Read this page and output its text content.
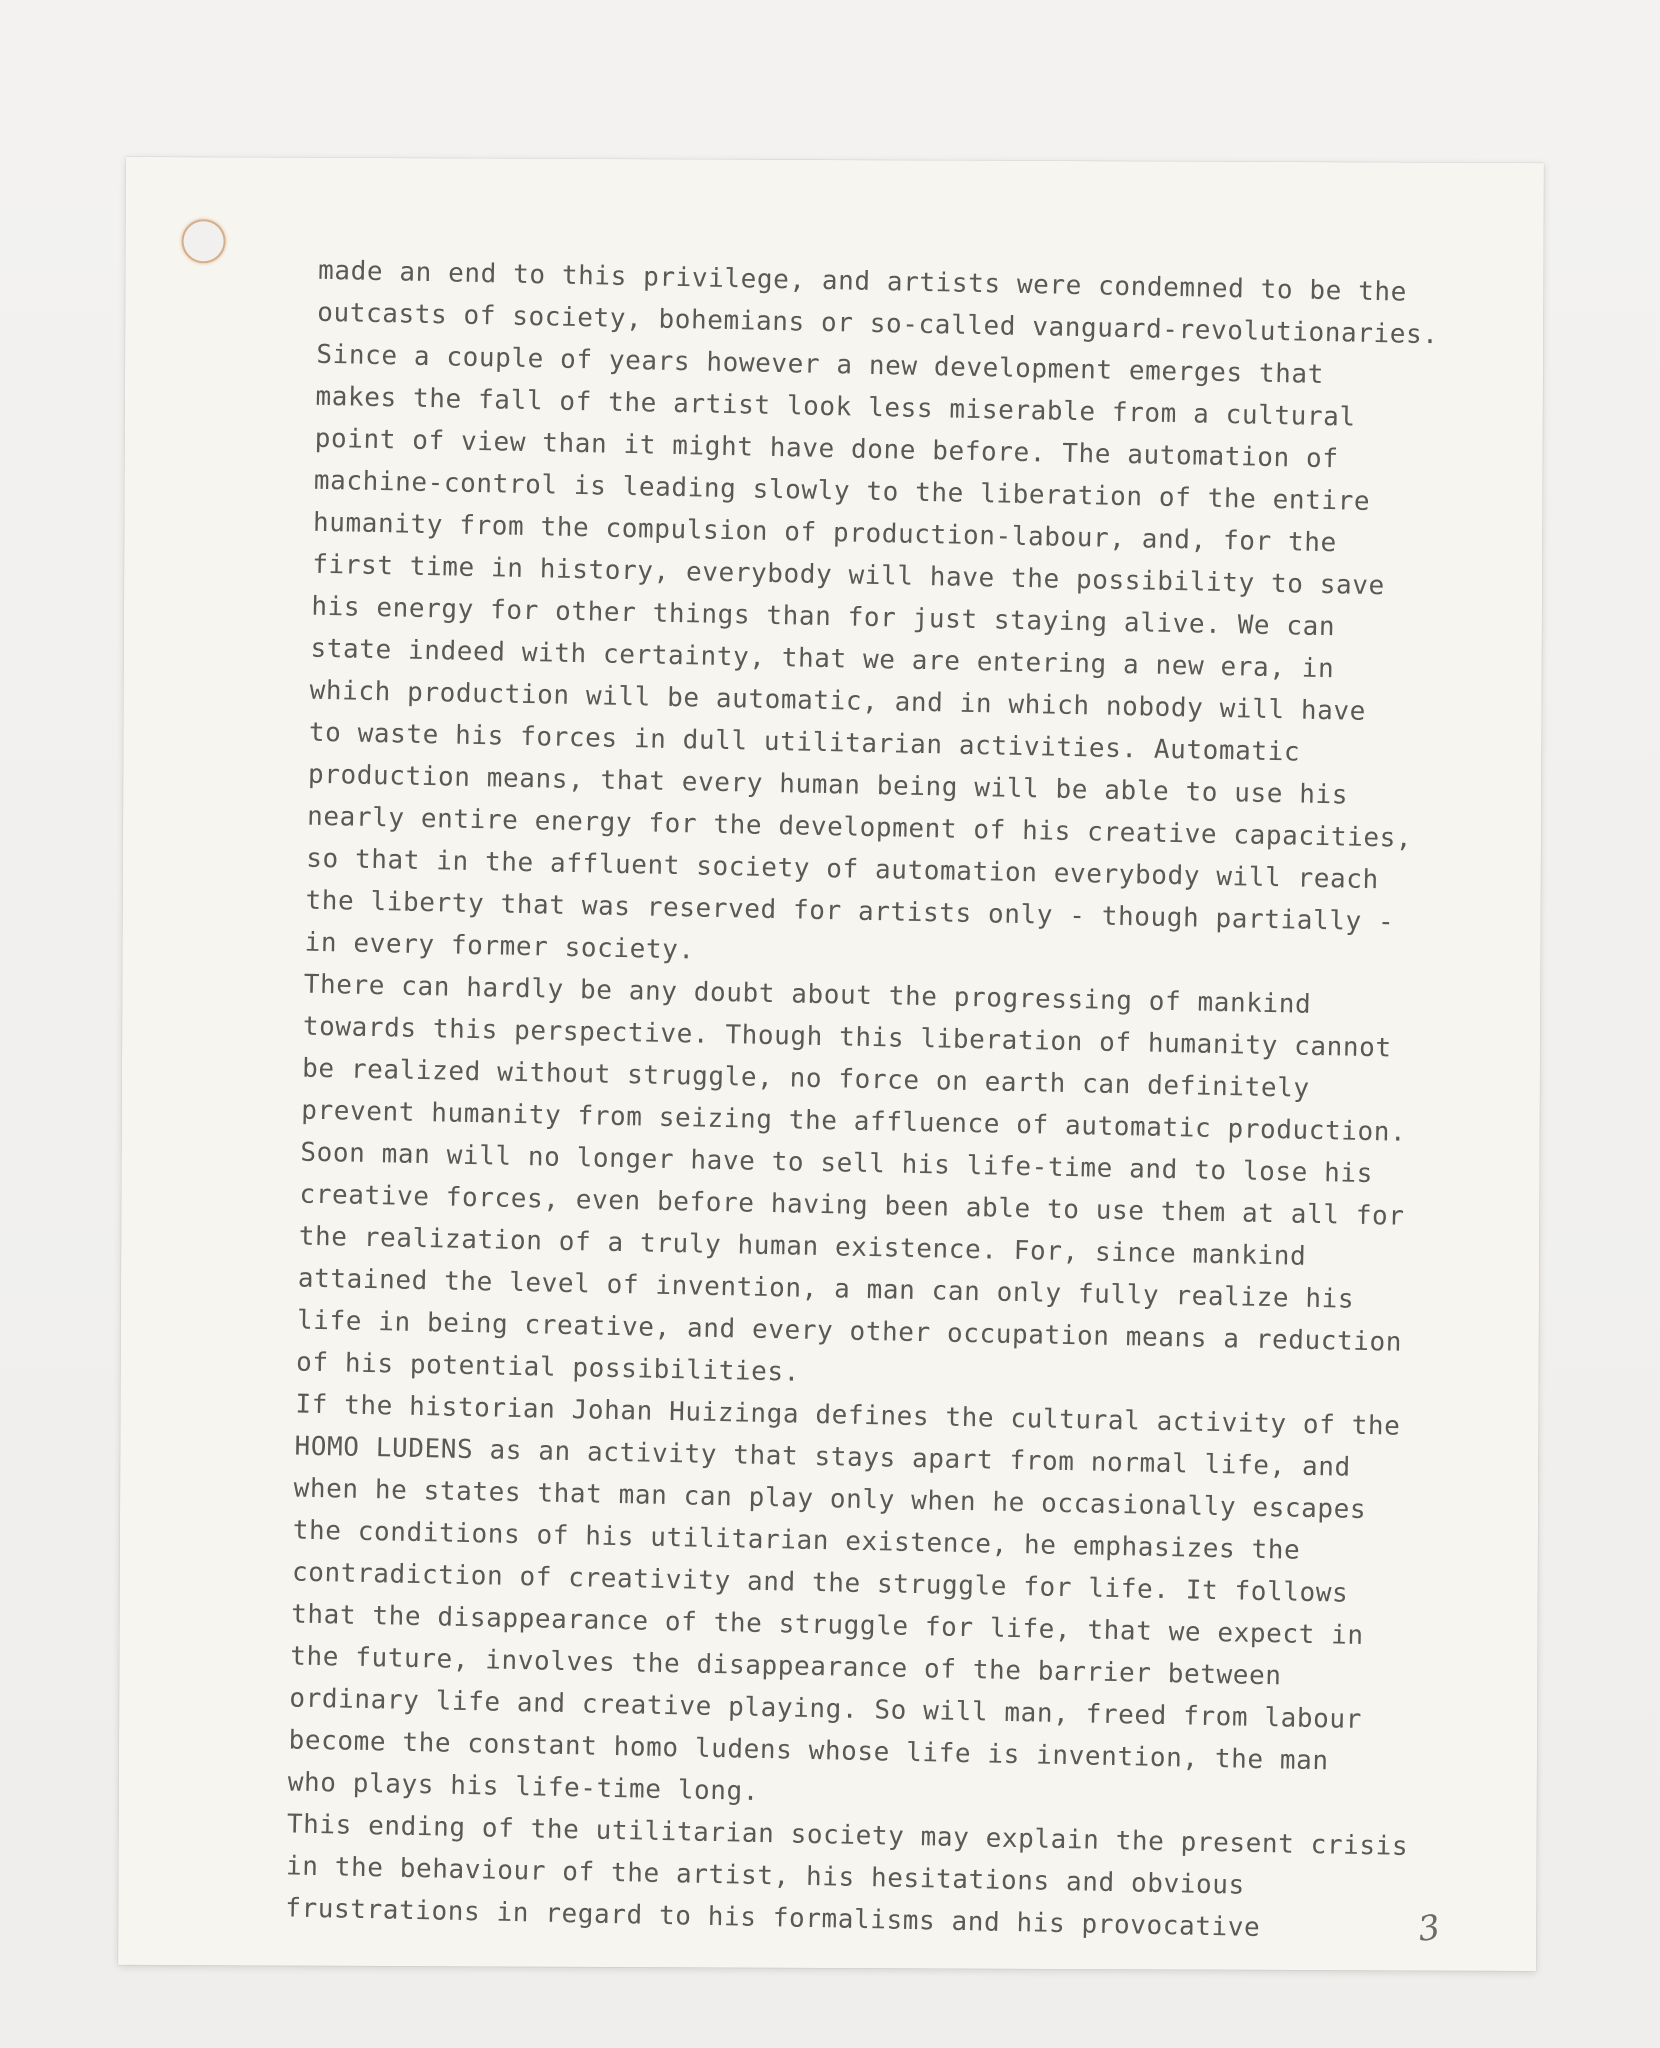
made an end to this privilege, and artists were condemned to be the
outcasts of society, bohemians or so-called vanguard-revolutionaries.
Since a couple of years however a new development emerges that
makes the fall of the artist look less miserable from a cultural
point of view than it might have done before. The automation of
machine-control is leading slowly to the liberation of the entire
humanity from the compulsion of production-labour, and, for the
first time in history, everybody will have the possibility to save
his energy for other things than for just staying alive. We can
state indeed with certainty, that we are entering a new era, in
which production will be automatic, and in which nobody will have
to waste his forces in dull utilitarian activities. Automatic
production means, that every human being will be able to use his
nearly entire energy for the development of his creative capacities,
so that in the affluent society of automation everybody will reach
the liberty that was reserved for artists only - though partially -
in every former society.
There can hardly be any doubt about the progressing of mankind
towards this perspective. Though this liberation of humanity cannot
be realized without struggle, no force on earth can definitely
prevent humanity from seizing the affluence of automatic production.
Soon man will no longer have to sell his life-time and to lose his
creative forces, even before having been able to use them at all for
the realization of a truly human existence. For, since mankind
attained the level of invention, a man can only fully realize his
life in being creative, and every other occupation means a reduction
of his potential possibilities.
If the historian Johan Huizinga defines the cultural activity of the
HOMO LUDENS as an activity that stays apart from normal life, and
when he states that man can play only when he occasionally escapes
the conditions of his utilitarian existence, he emphasizes the
contradiction of creativity and the struggle for life. It follows
that the disappearance of the struggle for life, that we expect in
the future, involves the disappearance of the barrier between
ordinary life and creative playing. So will man, freed from labour
become the constant homo ludens whose life is invention, the man
who plays his life-time long.
This ending of the utilitarian society may explain the present crisis
in the behaviour of the artist, his hesitations and obvious
frustrations in regard to his formalisms and his provocative	3
